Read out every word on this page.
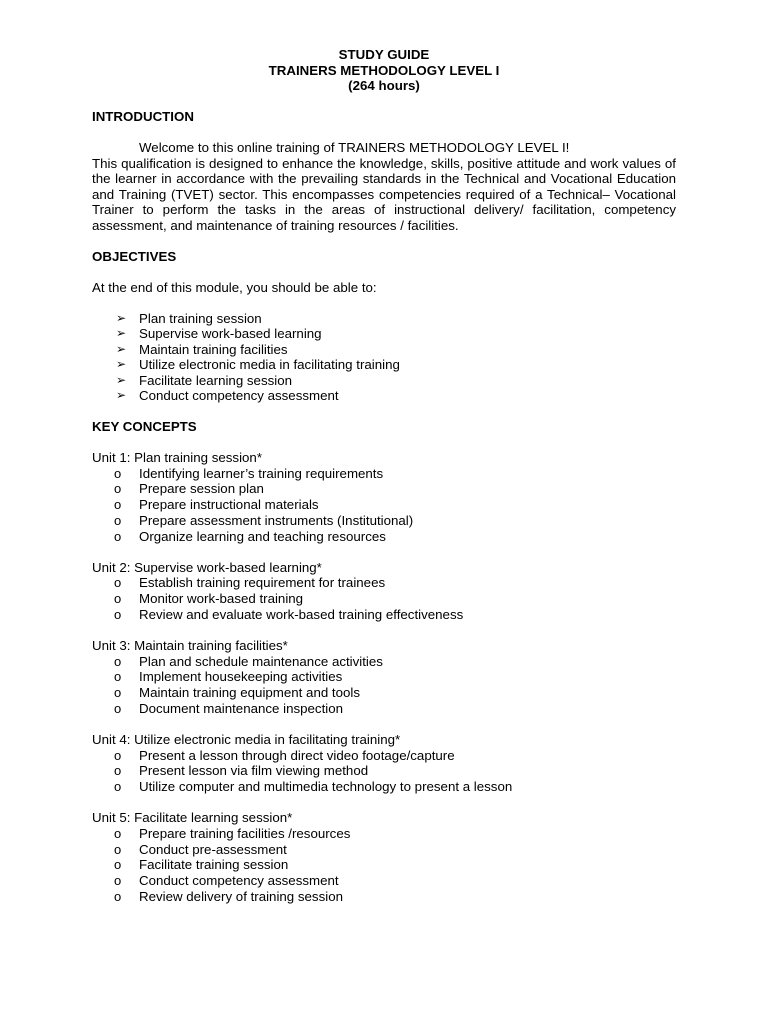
STUDY GUIDE
TRAINERS METHODOLOGY LEVEL I
(264 hours)
INTRODUCTION

Welcome to this online training of TRAINERS METHODOLOGY LEVEL I!

This qualification is designed to enhance the knowledge, skills, positive attitude and work values of the learner in accordance with the prevailing standards in the Technical and Vocational Education and Training (TVET) sector. This encompasses competencies required of a Technical– Vocational Trainer to perform the tasks in the areas of instructional delivery/ facilitation, competency assessment, and maintenance of training resources / facilities.

OBJECTIVES

At the end of this module, you should be able to:

➢ Plan training session
➢ Supervise work-based learning
➢ Maintain training facilities
➢ Utilize electronic media in facilitating training
➢ Facilitate learning session
➢ Conduct competency assessment
KEY CONCEPTS
Unit 1: Plan training session*
o Identifying learner’s training requirements
o Prepare session plan
o Prepare instructional materials
o Prepare assessment instruments (Institutional)
o Organize learning and teaching resources
Unit 2: Supervise work-based learning*
o Establish training requirement for trainees
o Monitor work-based training
o Review and evaluate work-based training effectiveness
Unit 3: Maintain training facilities*
o Plan and schedule maintenance activities
o Implement housekeeping activities
o Maintain training equipment and tools
o Document maintenance inspection
Unit 4: Utilize electronic media in facilitating training*
o Present a lesson through direct video footage/capture
o Present lesson via film viewing method
o Utilize computer and multimedia technology to present a lesson
Unit 5: Facilitate learning session*
o Prepare training facilities /resources
o Conduct pre-assessment
o Facilitate training session
o Conduct competency assessment
o Review delivery of training session
